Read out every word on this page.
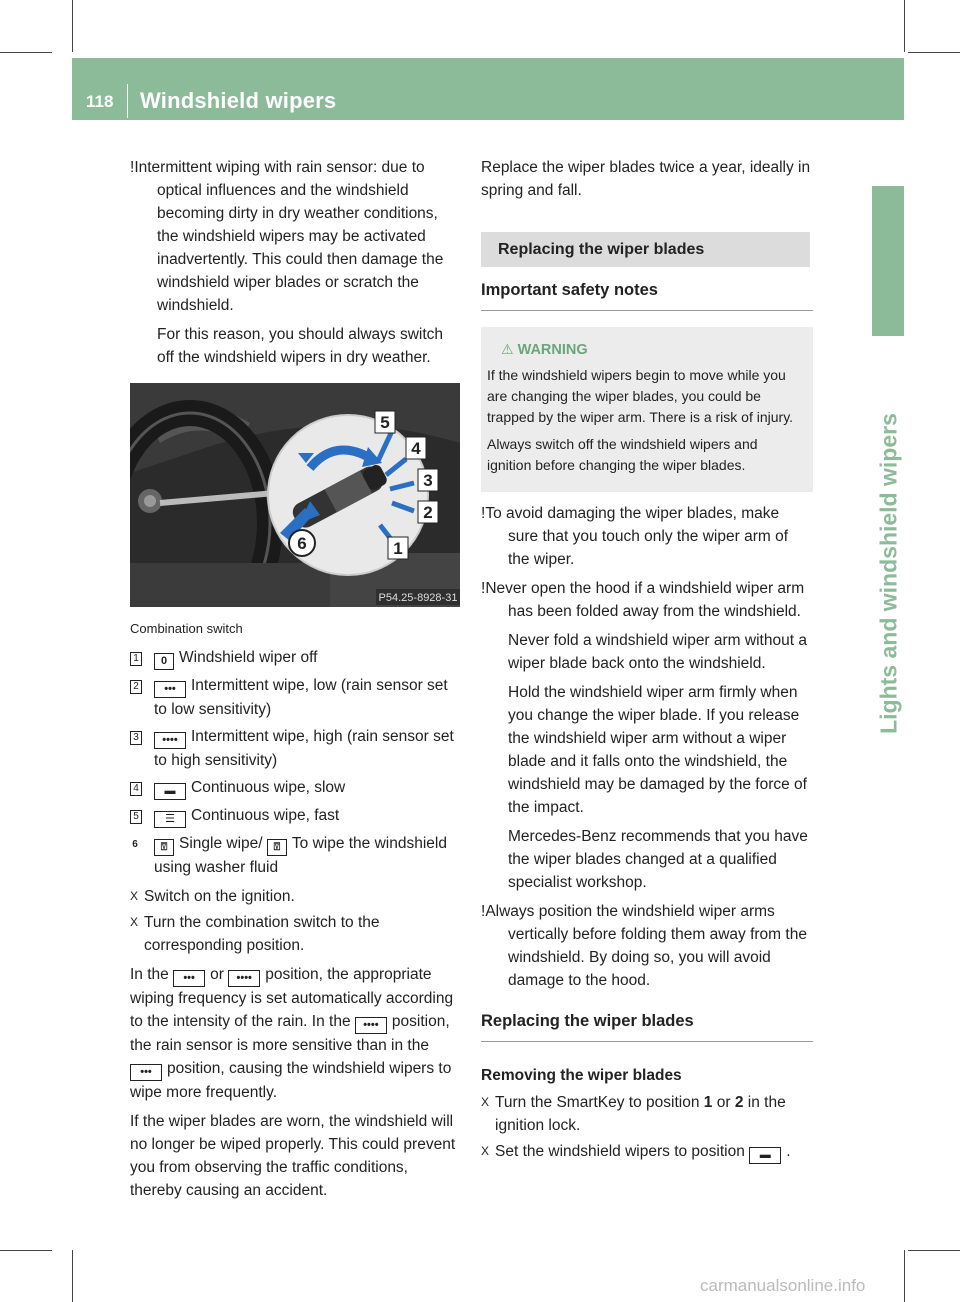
118 Windshield wipers
Lights and windshield wipers

!Intermittent wiping with rain sensor: due to optical influences and the windshield becoming dirty in dry weather conditions, the windshield wipers may be activated inadvertently. This could then damage the windshield wiper blades or scratch the windshield.

For this reason, you should always switch off the windshield wipers in dry weather.

5
4
3
2
1
6
P54.25-8928-31
Combination switch
1	0 Windshield wiper off
2	••• Intermittent wipe, low (rain sensor set to low sensitivity)
3	•••• Intermittent wipe, high (rain sensor set to high sensitivity)
4	▬ Continuous wipe, slow
5	☰ Continuous wipe, fast
6	⍔ Single wipe/ ⍔ To wipe the windshield using washer fluid
X Switch on the ignition.
X Turn the combination switch to the corresponding position.

In the ••• or •••• position, the appropriate wiping frequency is set automatically according to the intensity of the rain. In the •••• position, the rain sensor is more sensitive than in the ••• position, causing the windshield wipers to wipe more frequently.

If the wiper blades are worn, the windshield will no longer be wiped properly. This could prevent you from observing the traffic conditions, thereby causing an accident.

Replace the wiper blades twice a year, ideally in spring and fall.

Replacing the wiper blades
Important safety notes
⚠ WARNING

If the windshield wipers begin to move while you are changing the wiper blades, you could be trapped by the wiper arm. There is a risk of injury.

Always switch off the windshield wipers and ignition before changing the wiper blades.

!To avoid damaging the wiper blades, make sure that you touch only the wiper arm of the wiper.

!Never open the hood if a windshield wiper arm has been folded away from the windshield.

Never fold a windshield wiper arm without a wiper blade back onto the windshield.

Hold the windshield wiper arm firmly when you change the wiper blade. If you release the windshield wiper arm without a wiper blade and it falls onto the windshield, the windshield may be damaged by the force of the impact.

Mercedes-Benz recommends that you have the wiper blades changed at a qualified specialist workshop.

!Always position the windshield wiper arms vertically before folding them away from the windshield. By doing so, you will avoid damage to the hood.

Replacing the wiper blades
Removing the wiper blades
X Turn the SmartKey to position 1 or 2 in the ignition lock.
X Set the windshield wipers to position ▬ .
carmanualsonline.info
